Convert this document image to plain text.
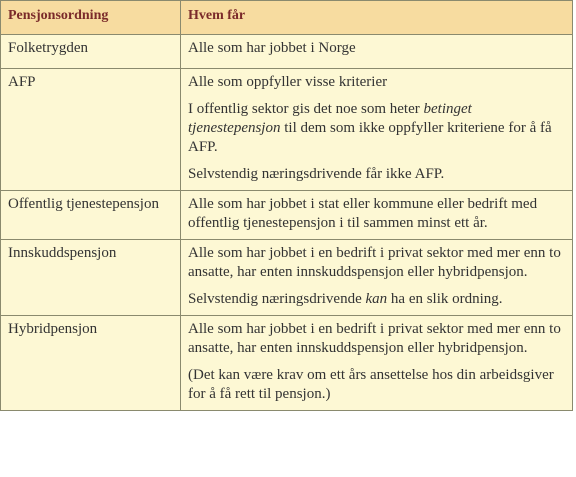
Pensjonsordning	Hvem får
Folketrygden	Alle som har jobbet i Norge

AFP	Alle som oppfyller visse kriterier

I offentlig sektor gis det noe som heter betinget tjenestepensjon til dem som ikke oppfyller kriteriene for å få AFP.

Selvstendig næringsdrivende får ikke AFP.

Offentlig tjenestepensjon	Alle som har jobbet i stat eller kommune eller bedrift med offentlig tjenestepensjon i til sammen minst ett år.

Innskuddspensjon	Alle som har jobbet i en bedrift i privat sektor med mer enn to ansatte, har enten innskuddspensjon eller hybridpensjon.

Selvstendig næringsdrivende kan ha en slik ordning.

Hybridpensjon	Alle som har jobbet i en bedrift i privat sektor med mer enn to ansatte, har enten innskuddspensjon eller hybridpensjon.

(Det kan være krav om ett års ansettelse hos din arbeidsgiver for å få rett til pensjon.)
